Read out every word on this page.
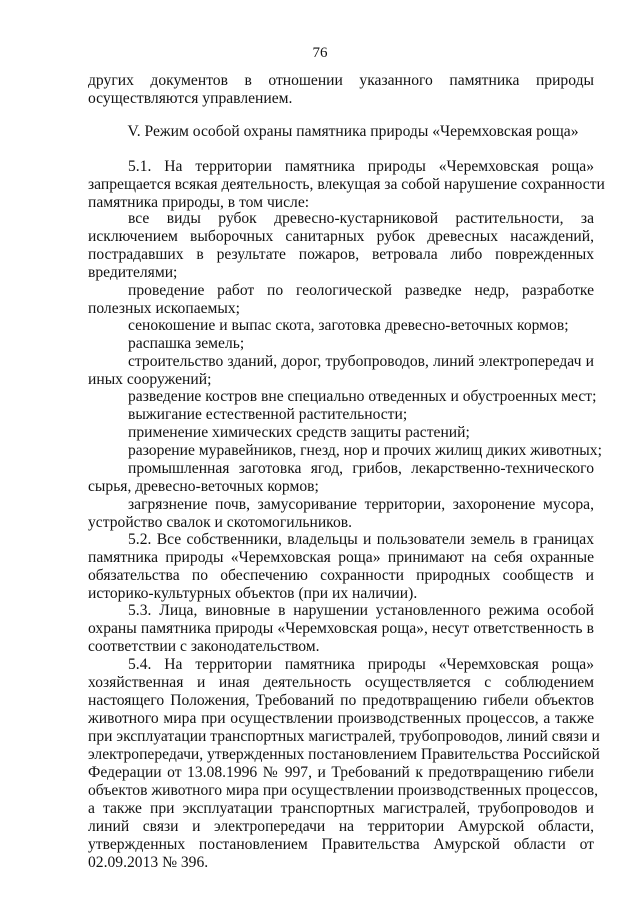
76
других документов в отношении указанного памятника природы
осуществляются управлением.
V. Режим особой охраны памятника природы «Черемховская роща»
5.1. На территории памятника природы «Черемховская роща»
запрещается всякая деятельность, влекущая за собой нарушение сохранности
памятника природы, в том числе:
все виды рубок древесно-кустарниковой растительности, за
исключением выборочных санитарных рубок древесных насаждений,
пострадавших в результате пожаров, ветровала либо поврежденных
вредителями;
проведение работ по геологической разведке недр, разработке
полезных ископаемых;
сенокошение и выпас скота, заготовка древесно-веточных кормов;
распашка земель;
строительство зданий, дорог, трубопроводов, линий электропередач и
иных сооружений;
разведение костров вне специально отведенных и обустроенных мест;
выжигание естественной растительности;
применение химических средств защиты растений;
разорение муравейников, гнезд, нор и прочих жилищ диких животных;
промышленная заготовка ягод, грибов, лекарственно-технического
сырья, древесно-веточных кормов;
загрязнение почв, замусоривание территории, захоронение мусора,
устройство свалок и скотомогильников.
5.2. Все собственники, владельцы и пользователи земель в границах
памятника природы «Черемховская роща» принимают на себя охранные
обязательства по обеспечению сохранности природных сообществ и
историко-культурных объектов (при их наличии).
5.3. Лица, виновные в нарушении установленного режима особой
охраны памятника природы «Черемховская роща», несут ответственность в
соответствии с законодательством.
5.4. На территории памятника природы «Черемховская роща»
хозяйственная и иная деятельность осуществляется с соблюдением
настоящего Положения, Требований по предотвращению гибели объектов
животного мира при осуществлении производственных процессов, а также
при эксплуатации транспортных магистралей, трубопроводов, линий связи и
электропередачи, утвержденных постановлением Правительства Российской
Федерации от 13.08.1996 № 997, и Требований к предотвращению гибели
объектов животного мира при осуществлении производственных процессов,
а также при эксплуатации транспортных магистралей, трубопроводов и
линий связи и электропередачи на территории Амурской области,
утвержденных постановлением Правительства Амурской области от
02.09.2013 № 396.
